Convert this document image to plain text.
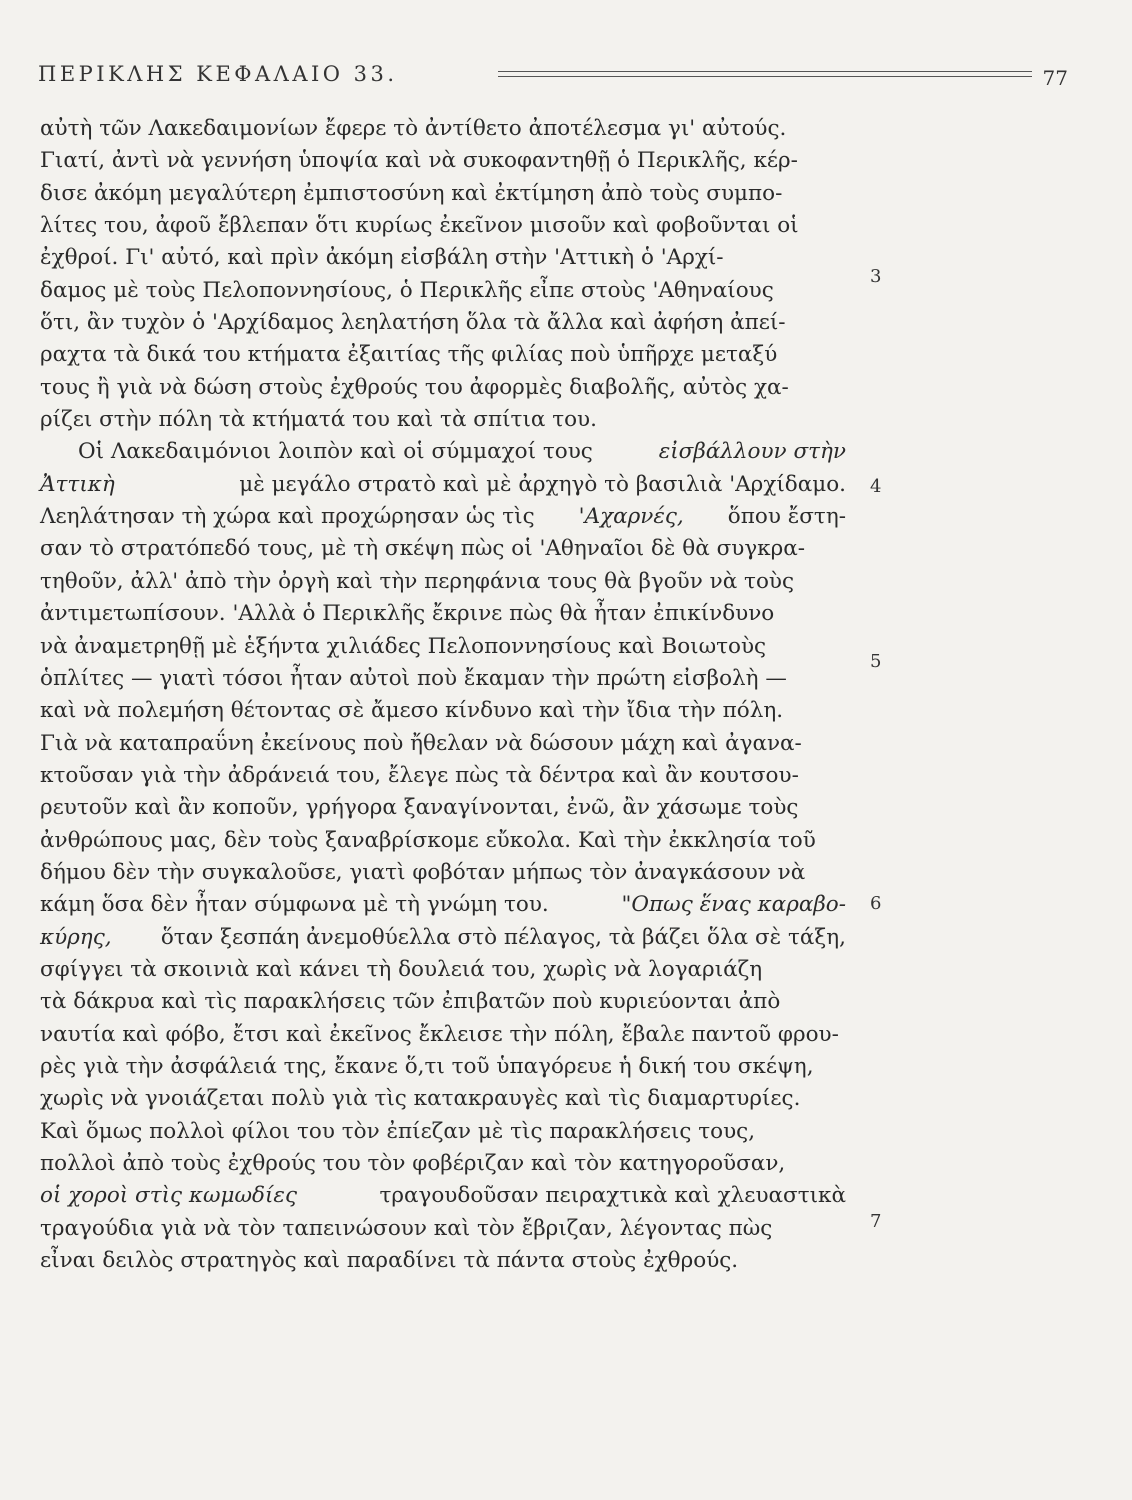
ΠΕΡΙΚΛΗΣ ΚΕΦΑΛΑΙΟ 33.	77
αὐτὴ τῶν Λακεδαιμονίων ἔφερε τὸ ἀντίθετο ἀποτέλεσμα γι' αὐτούς.
Γιατί, ἀντὶ νὰ γεννήση ὑποψία καὶ νὰ συκοφαντηθῇ ὁ Περικλῆς, κέρ-
δισε ἀκόμη μεγαλύτερη ἐμπιστοσύνη καὶ ἐκτίμηση ἀπὸ τοὺς συμπο-
λίτες του, ἀφοῦ ἔβλεπαν ὅτι κυρίως ἐκεῖνον μισοῦν καὶ φοβοῦνται οἱ
ἐχθροί. Γι' αὐτό, καὶ πρὶν ἀκόμη εἰσβάλη στὴν 'Αττικὴ ὁ 'Αρχί-
δαμος μὲ τοὺς Πελοποννησίους, ὁ Περικλῆς εἶπε στοὺς 'Αθηναίους
ὅτι, ἂν τυχὸν ὁ 'Αρχίδαμος λεηλατήση ὅλα τὰ ἄλλα καὶ ἀφήση ἀπεί-
ραχτα τὰ δικά του κτήματα ἐξαιτίας τῆς φιλίας ποὺ ὑπῆρχε μεταξύ
τους ἢ γιὰ νὰ δώση στοὺς ἐχθρούς του ἀφορμὲς διαβολῆς, αὐτὸς χα-
ρίζει στὴν πόλη τὰ κτήματά του καὶ τὰ σπίτια του.
Οἱ Λακεδαιμόνιοι λοιπὸν καὶ οἱ σύμμαχοί τους	εἰσβάλλουν στὴν
Ἀττικὴ	μὲ μεγάλο στρατὸ καὶ μὲ ἀρχηγὸ τὸ βασιλιὰ 'Αρχίδαμο.
Λεηλάτησαν τὴ χώρα καὶ προχώρησαν ὡς τὶς 'Αχαρνές, ὅπου ἔστη-
σαν τὸ στρατόπεδό τους, μὲ τὴ σκέψη πὼς οἱ 'Αθηναῖοι δὲ θὰ συγκρα-
τηθοῦν, ἀλλ' ἀπὸ τὴν ὀργὴ καὶ τὴν περηφάνια τους θὰ βγοῦν νὰ τοὺς
ἀντιμετωπίσουν. 'Αλλὰ ὁ Περικλῆς ἔκρινε πὼς θὰ ἦταν ἐπικίνδυνο
νὰ ἀναμετρηθῇ μὲ ἑξήντα χιλιάδες Πελοποννησίους καὶ Βοιωτοὺς
ὁπλίτες — γιατὶ τόσοι ἦταν αὐτοὶ ποὺ ἔκαμαν τὴν πρώτη εἰσβολὴ —
καὶ νὰ πολεμήση θέτοντας σὲ ἄμεσο κίνδυνο καὶ τὴν ἴδια τὴν πόλη.
Γιὰ νὰ καταπραΰνη ἐκείνους ποὺ ἤθελαν νὰ δώσουν μάχη καὶ ἀγανα-
κτοῦσαν γιὰ τὴν ἀδράνειά του, ἔλεγε πὼς τὰ δέντρα καὶ ἂν κουτσου-
ρευτοῦν καὶ ἂν κοποῦν, γρήγορα ξαναγίνονται, ἐνῶ, ἂν χάσωμε τοὺς
ἀνθρώπους μας, δὲν τοὺς ξαναβρίσκομε εὔκολα. Καὶ τὴν ἐκκλησία τοῦ
δήμου δὲν τὴν συγκαλοῦσε, γιατὶ φοβόταν μήπως τὸν ἀναγκάσουν νὰ
κάμη ὅσα δὲν ἦταν σύμφωνα μὲ τὴ γνώμη του.	"Οπως ἕνας καραβο-
κύρης, ὅταν ξεσπάη ἀνεμοθύελλα στὸ πέλαγος, τὰ βάζει ὅλα σὲ τάξη,
σφίγγει τὰ σκοινιὰ καὶ κάνει τὴ δουλειά του, χωρὶς νὰ λογαριάζη
τὰ δάκρυα καὶ τὶς παρακλήσεις τῶν ἐπιβατῶν ποὺ κυριεύονται ἀπὸ
ναυτία καὶ φόβο, ἔτσι καὶ ἐκεῖνος ἔκλεισε τὴν πόλη, ἔβαλε παντοῦ φρου-
ρὲς γιὰ τὴν ἀσφάλειά της, ἔκανε ὅ,τι τοῦ ὑπαγόρευε ἡ δική του σκέψη,
χωρὶς νὰ γνοιάζεται πολὺ γιὰ τὶς κατακραυγὲς καὶ τὶς διαμαρτυρίες.
Καὶ ὅμως πολλοὶ φίλοι του τὸν ἐπίεζαν μὲ τὶς παρακλήσεις τους,
πολλοὶ ἀπὸ τοὺς ἐχθρούς του τὸν φοβέριζαν καὶ τὸν κατηγοροῦσαν,
οἱ χοροὶ στὶς κωμωδίες	τραγουδοῦσαν πειραχτικὰ καὶ χλευαστικὰ
τραγούδια γιὰ νὰ τὸν ταπεινώσουν καὶ τὸν ἔβριζαν, λέγοντας πὼς
εἶναι δειλὸς στρατηγὸς καὶ παραδίνει τὰ πάντα στοὺς ἐχθρούς.
3
4
5
6
7
